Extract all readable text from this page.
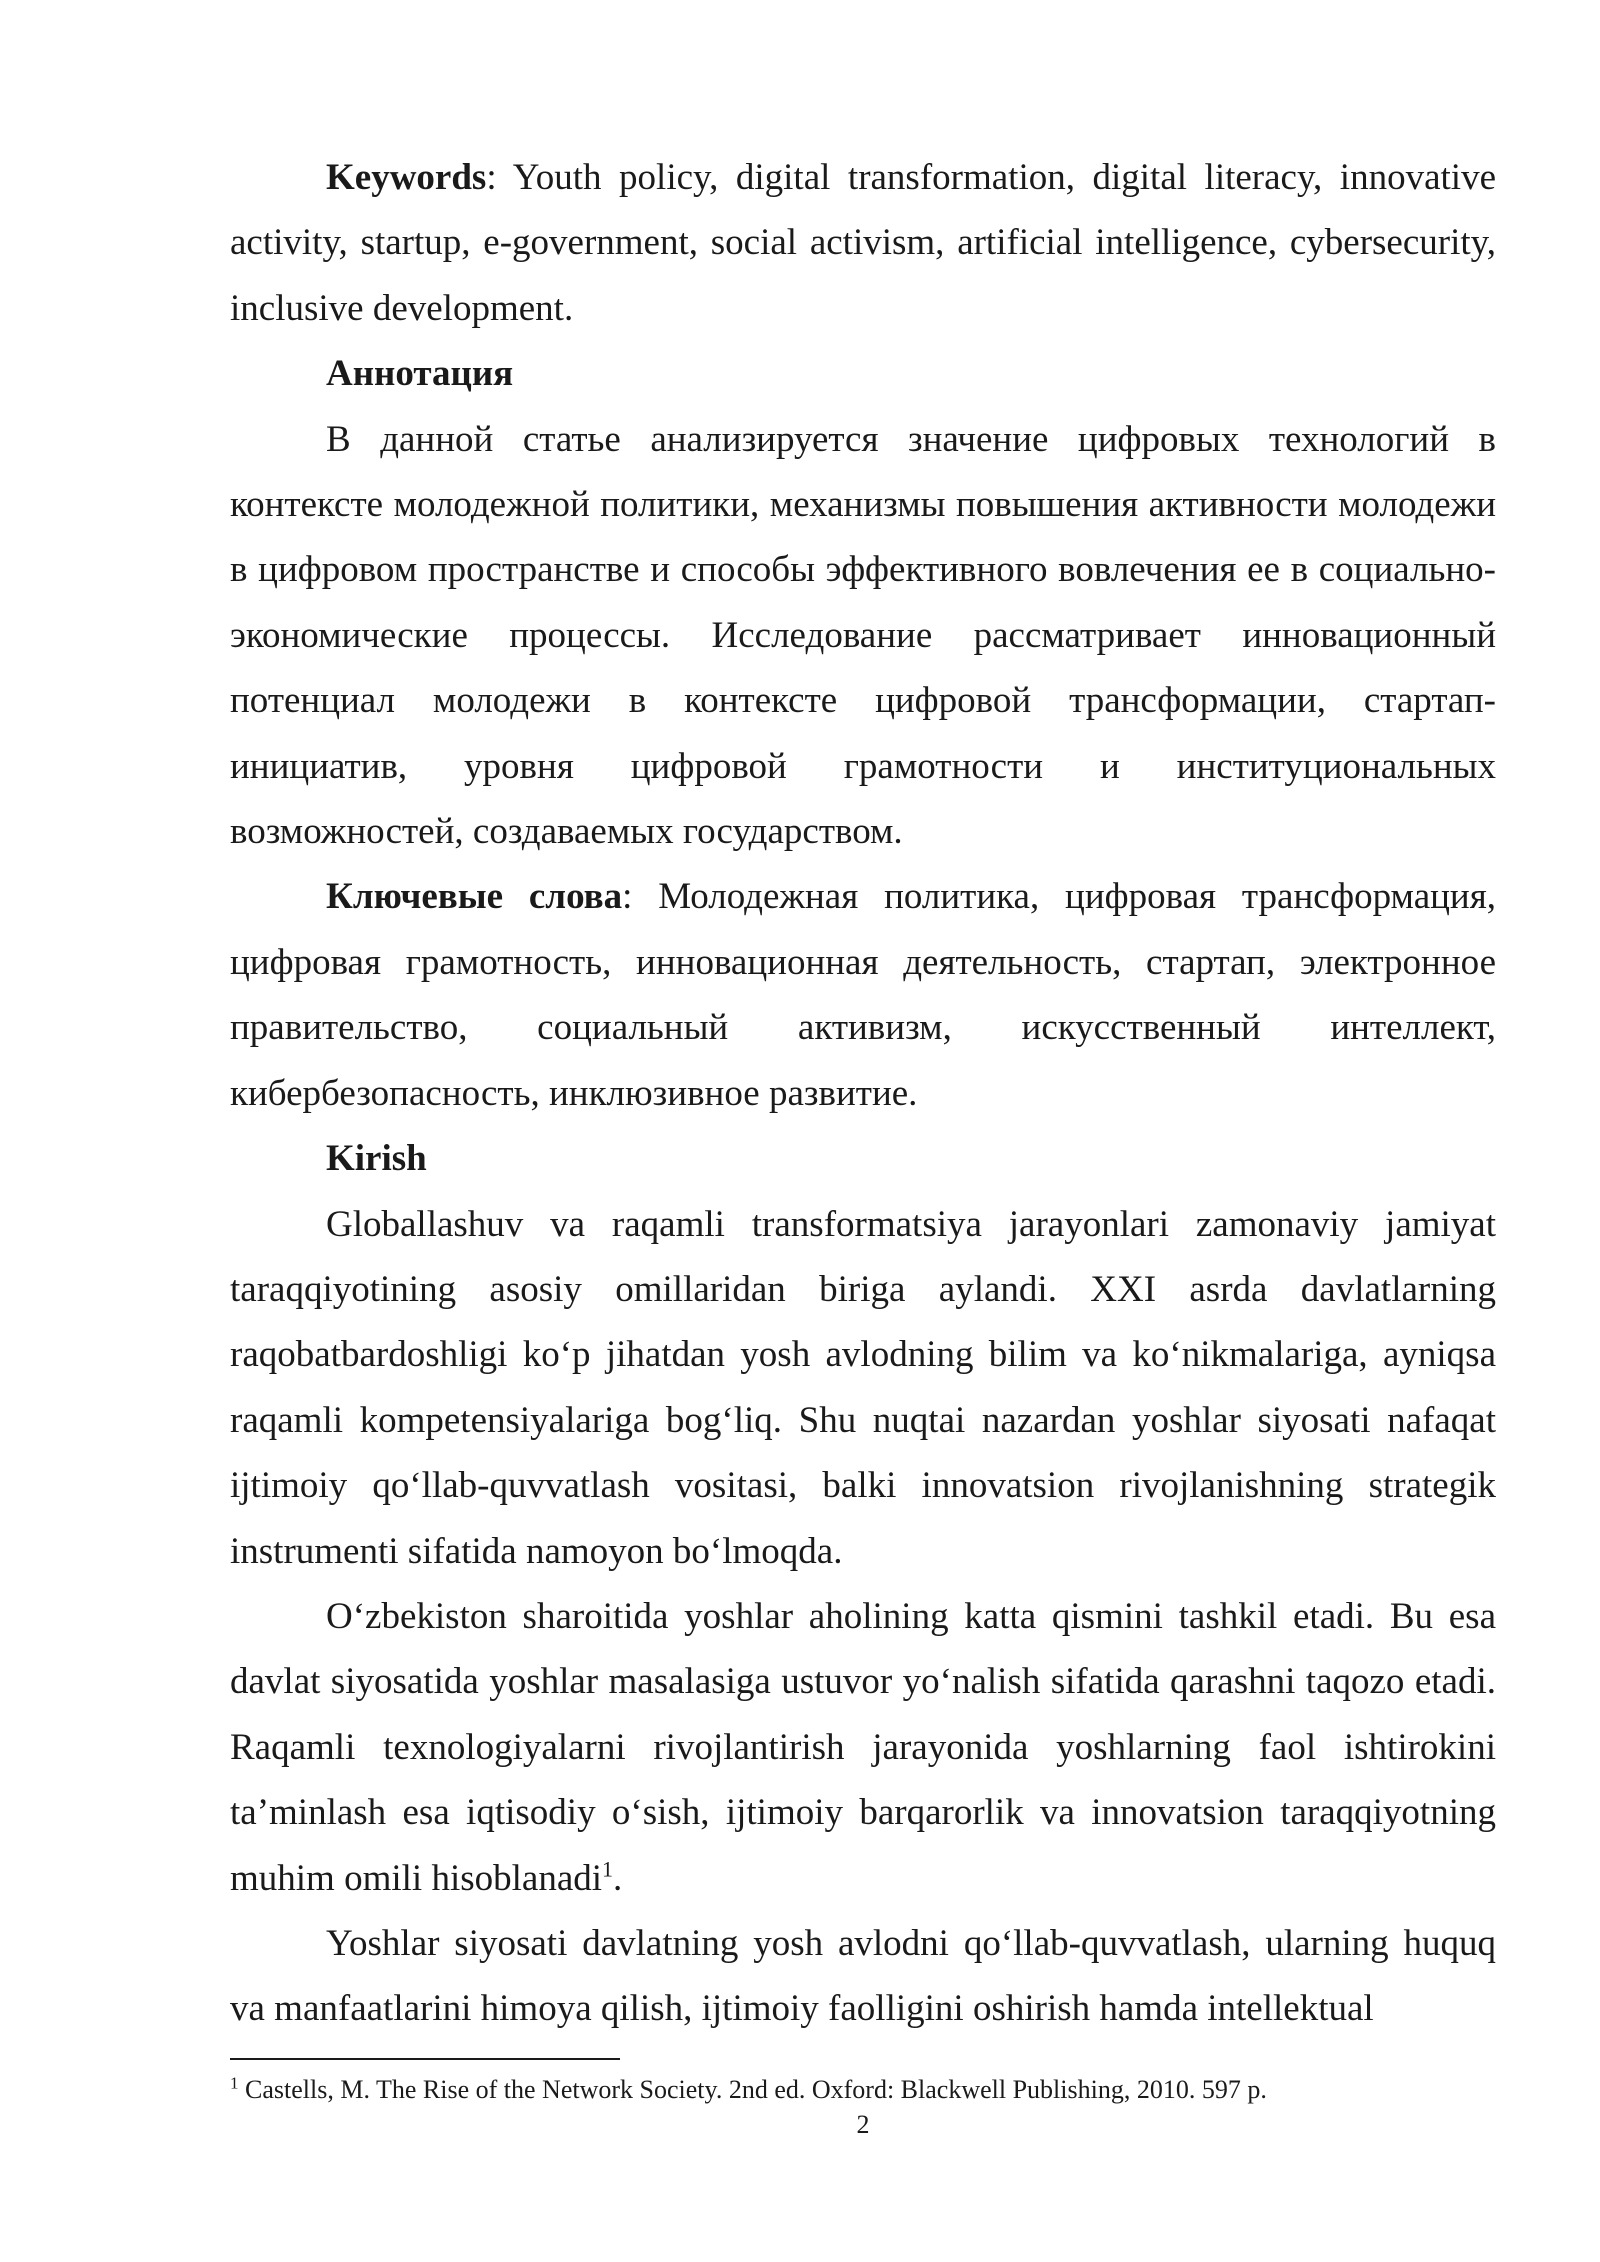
Keywords: Youth policy, digital transformation, digital literacy, innovative activity, startup, e-government, social activism, artificial intelligence, cybersecurity, inclusive development.

Аннотация

В данной статье анализируется значение цифровых технологий в контексте молодежной политики, механизмы повышения активности молодежи в цифровом пространстве и способы эффективного вовлечения ее в социально-экономические процессы. Исследование рассматривает инновационный потенциал молодежи в контексте цифровой трансформации, стартап-инициатив, уровня цифровой грамотности и институциональных возможностей, создаваемых государством.

Ключевые слова: Молодежная политика, цифровая трансформация, цифровая грамотность, инновационная деятельность, стартап, электронное правительство, социальный активизм, искусственный интеллект, кибербезопасность, инклюзивное развитие.

Kirish

Globallashuv va raqamli transformatsiya jarayonlari zamonaviy jamiyat taraqqiyotining asosiy omillaridan biriga aylandi. XXI asrda davlatlarning raqobatbardoshligi ko‘p jihatdan yosh avlodning bilim va ko‘nikmalariga, ayniqsa raqamli kompetensiyalariga bog‘liq. Shu nuqtai nazardan yoshlar siyosati nafaqat ijtimoiy qo‘llab-quvvatlash vositasi, balki innovatsion rivojlanishning strategik instrumenti sifatida namoyon bo‘lmoqda.

O‘zbekiston sharoitida yoshlar aholining katta qismini tashkil etadi. Bu esa davlat siyosatida yoshlar masalasiga ustuvor yo‘nalish sifatida qarashni taqozo etadi. Raqamli texnologiyalarni rivojlantirish jarayonida yoshlarning faol ishtirokini ta’minlash esa iqtisodiy o‘sish, ijtimoiy barqarorlik va innovatsion taraqqiyotning muhim omili hisoblanadi$^1$.

Yoshlar siyosati davlatning yosh avlodni qo‘llab-quvvatlash, ularning huquq va manfaatlarini himoya qilish, ijtimoiy faolligini oshirish hamda intellektual

$^1$ Castells, M. The Rise of the Network Society. 2nd ed. Oxford: Blackwell Publishing, 2010. 597 p.
2
